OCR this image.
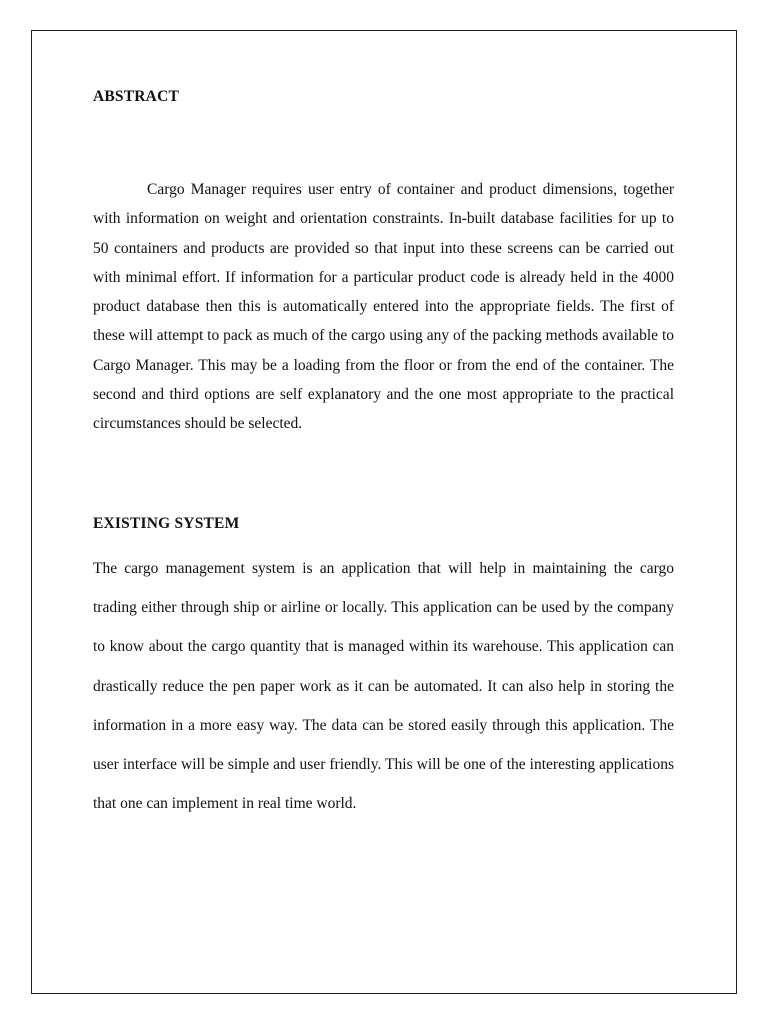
ABSTRACT

Cargo Manager requires user entry of container and product dimensions, together with information on weight and orientation constraints. In-built database facilities for up to 50 containers and products are provided so that input into these screens can be carried out with minimal effort. If information for a particular product code is already held in the 4000 product database then this is automatically entered into the appropriate fields. The first of these will attempt to pack as much of the cargo using any of the packing methods available to Cargo Manager. This may be a loading from the floor or from the end of the container. The second and third options are self explanatory and the one most appropriate to the practical circumstances should be selected.

EXISTING SYSTEM

The cargo management system is an application that will help in maintaining the cargo trading either through ship or airline or locally. This application can be used by the company to know about the cargo quantity that is managed within its warehouse. This application can drastically reduce the pen paper work as it can be automated. It can also help in storing the information in a more easy way. The data can be stored easily through this application. The user interface will be simple and user friendly. This will be one of the interesting applications that one can implement in real time world.
